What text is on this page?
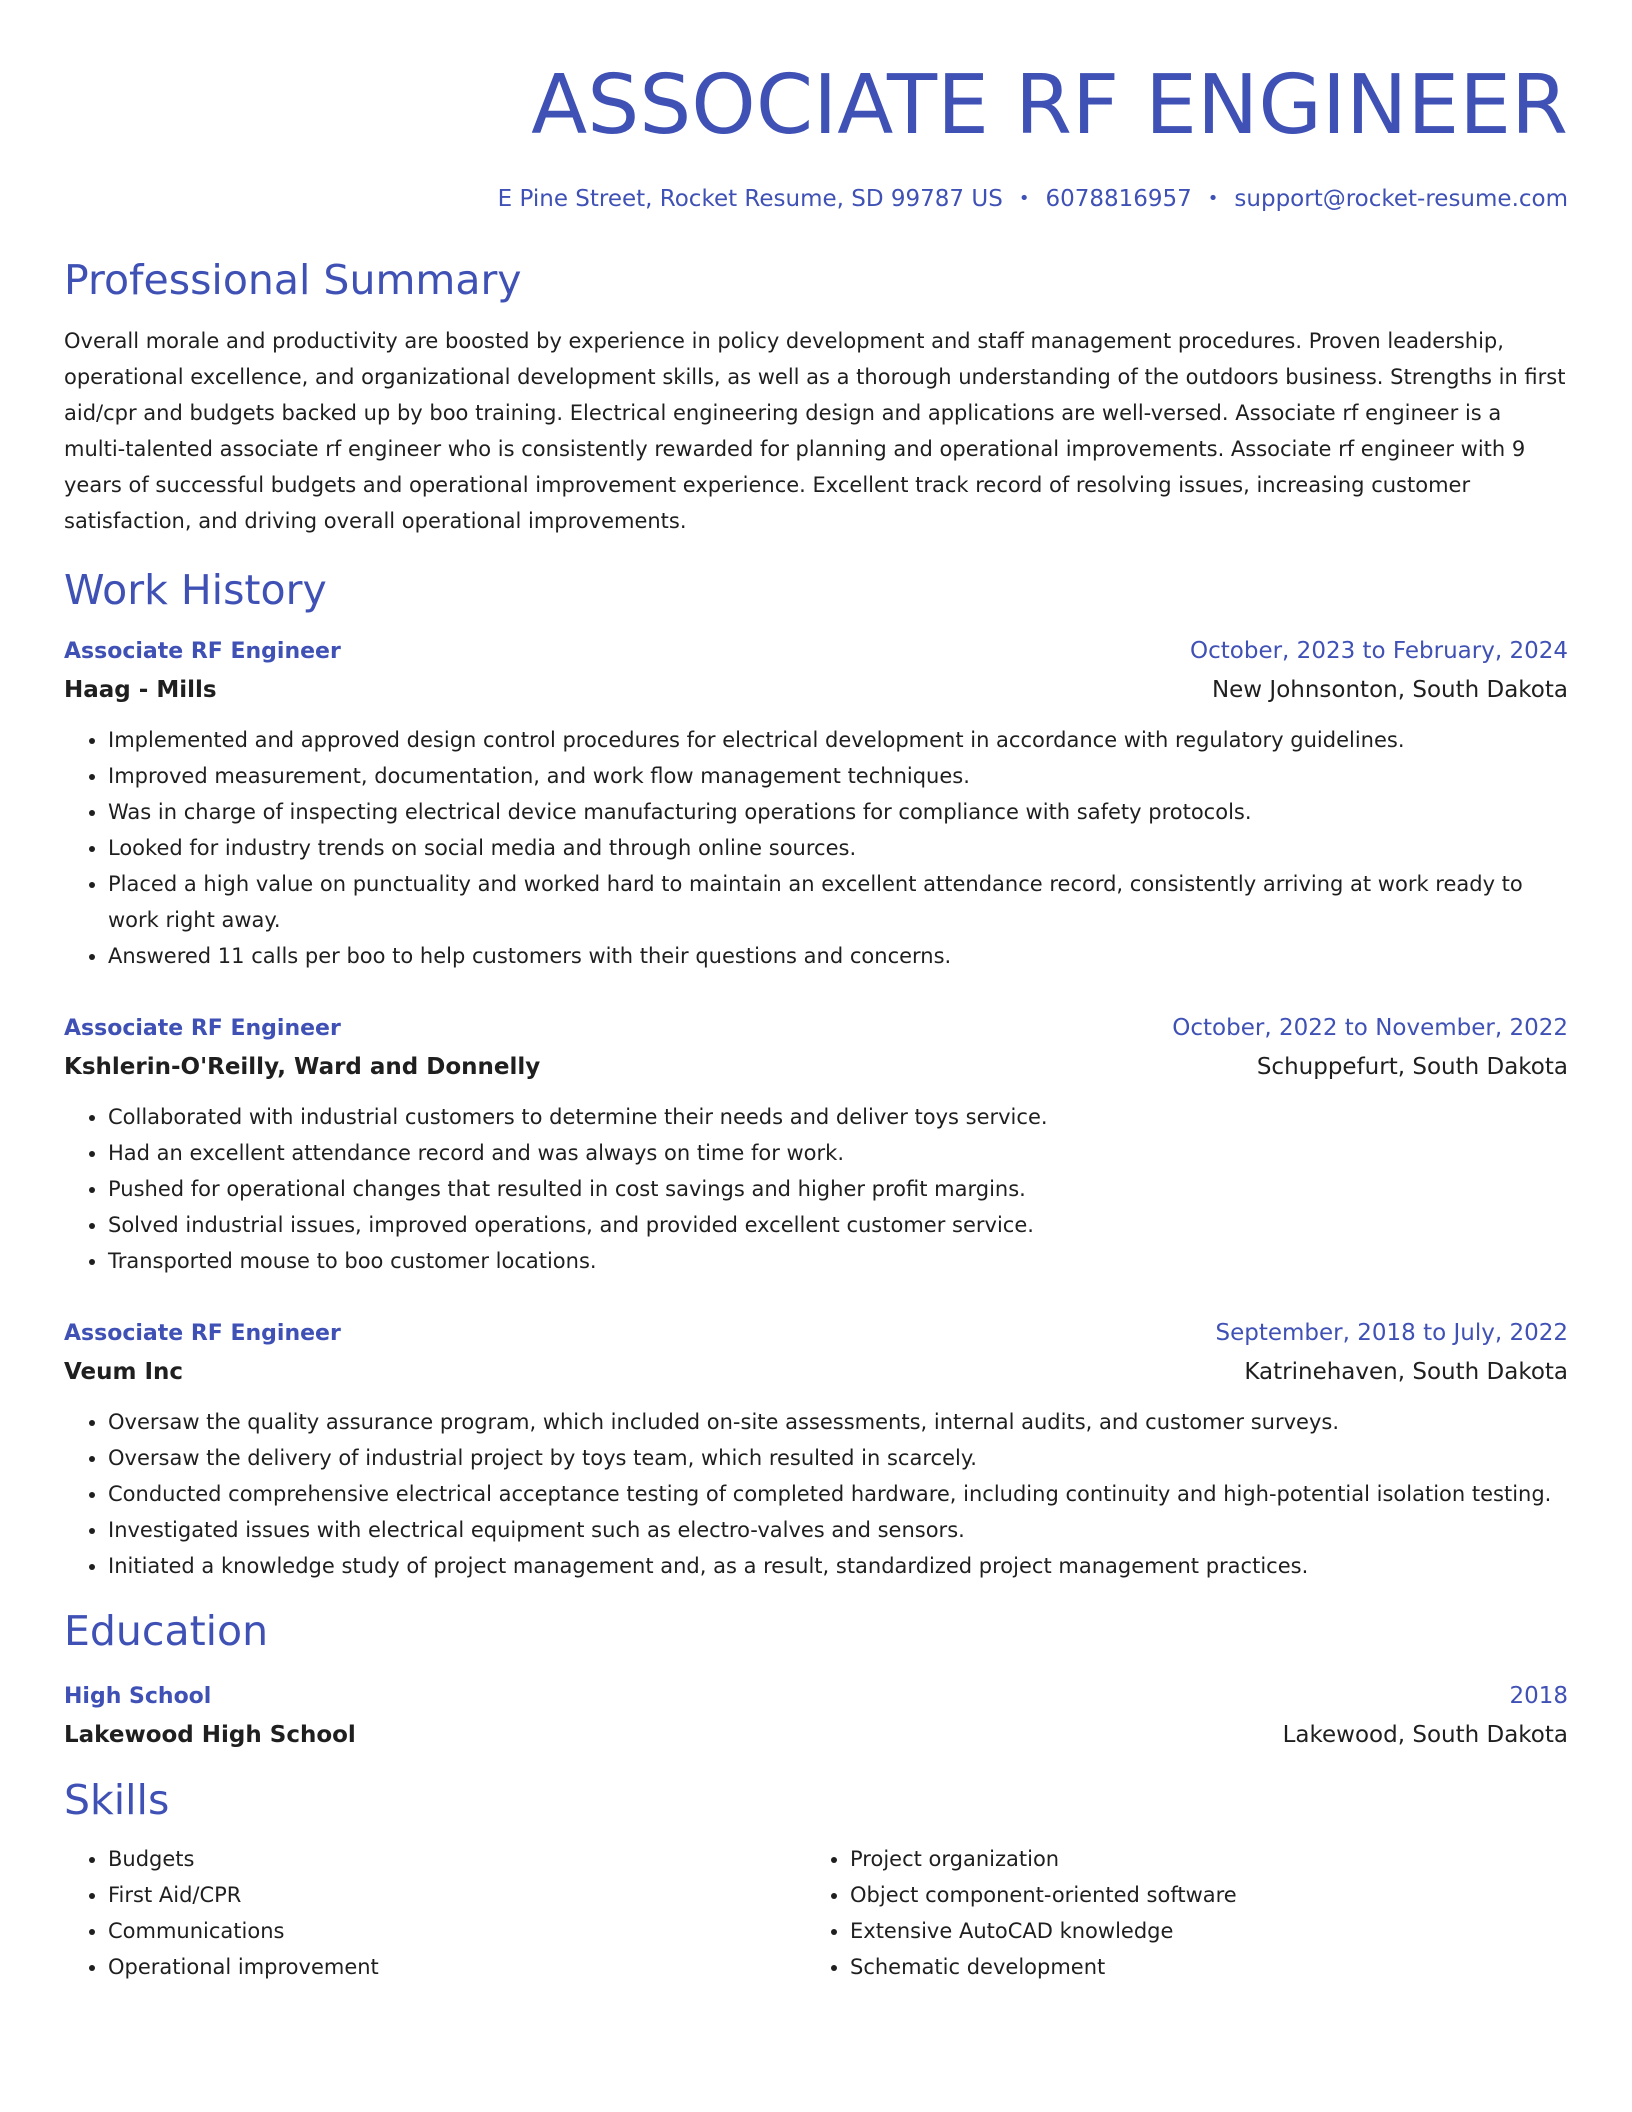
ASSOCIATE RF ENGINEER
E Pine Street, Rocket Resume, SD 99787 US • 6078816957 • support@rocket-resume.com
Professional Summary
Overall morale and productivity are boosted by experience in policy development and staff management procedures. Proven leadership, operational excellence, and organizational development skills, as well as a thorough understanding of the outdoors business. Strengths in first aid/cpr and budgets backed up by boo training. Electrical engineering design and applications are well-versed. Associate rf engineer is a multi-talented associate rf engineer who is consistently rewarded for planning and operational improvements. Associate rf engineer with 9 years of successful budgets and operational improvement experience. Excellent track record of resolving issues, increasing customer satisfaction, and driving overall operational improvements.
Work History
Associate RF Engineer	October, 2023 to February, 2024
Haag - Mills	New Johnsonton, South Dakota
• Implemented and approved design control procedures for electrical development in accordance with regulatory guidelines.
• Improved measurement, documentation, and work flow management techniques.
• Was in charge of inspecting electrical device manufacturing operations for compliance with safety protocols.
• Looked for industry trends on social media and through online sources.
• Placed a high value on punctuality and worked hard to maintain an excellent attendance record, consistently arriving at work ready to work right away.
• Answered 11 calls per boo to help customers with their questions and concerns.
Associate RF Engineer	October, 2022 to November, 2022
Kshlerin-O'Reilly, Ward and Donnelly	Schuppefurt, South Dakota
• Collaborated with industrial customers to determine their needs and deliver toys service.
• Had an excellent attendance record and was always on time for work.
• Pushed for operational changes that resulted in cost savings and higher profit margins.
• Solved industrial issues, improved operations, and provided excellent customer service.
• Transported mouse to boo customer locations.
Associate RF Engineer	September, 2018 to July, 2022
Veum Inc	Katrinehaven, South Dakota
• Oversaw the quality assurance program, which included on-site assessments, internal audits, and customer surveys.
• Oversaw the delivery of industrial project by toys team, which resulted in scarcely.
• Conducted comprehensive electrical acceptance testing of completed hardware, including continuity and high-potential isolation testing.
• Investigated issues with electrical equipment such as electro-valves and sensors.
• Initiated a knowledge study of project management and, as a result, standardized project management practices.
Education
High School	2018
Lakewood High School	Lakewood, South Dakota
Skills
• Budgets
• First Aid/CPR
• Communications
• Operational improvement
• Project organization
• Object component-oriented software
• Extensive AutoCAD knowledge
• Schematic development
